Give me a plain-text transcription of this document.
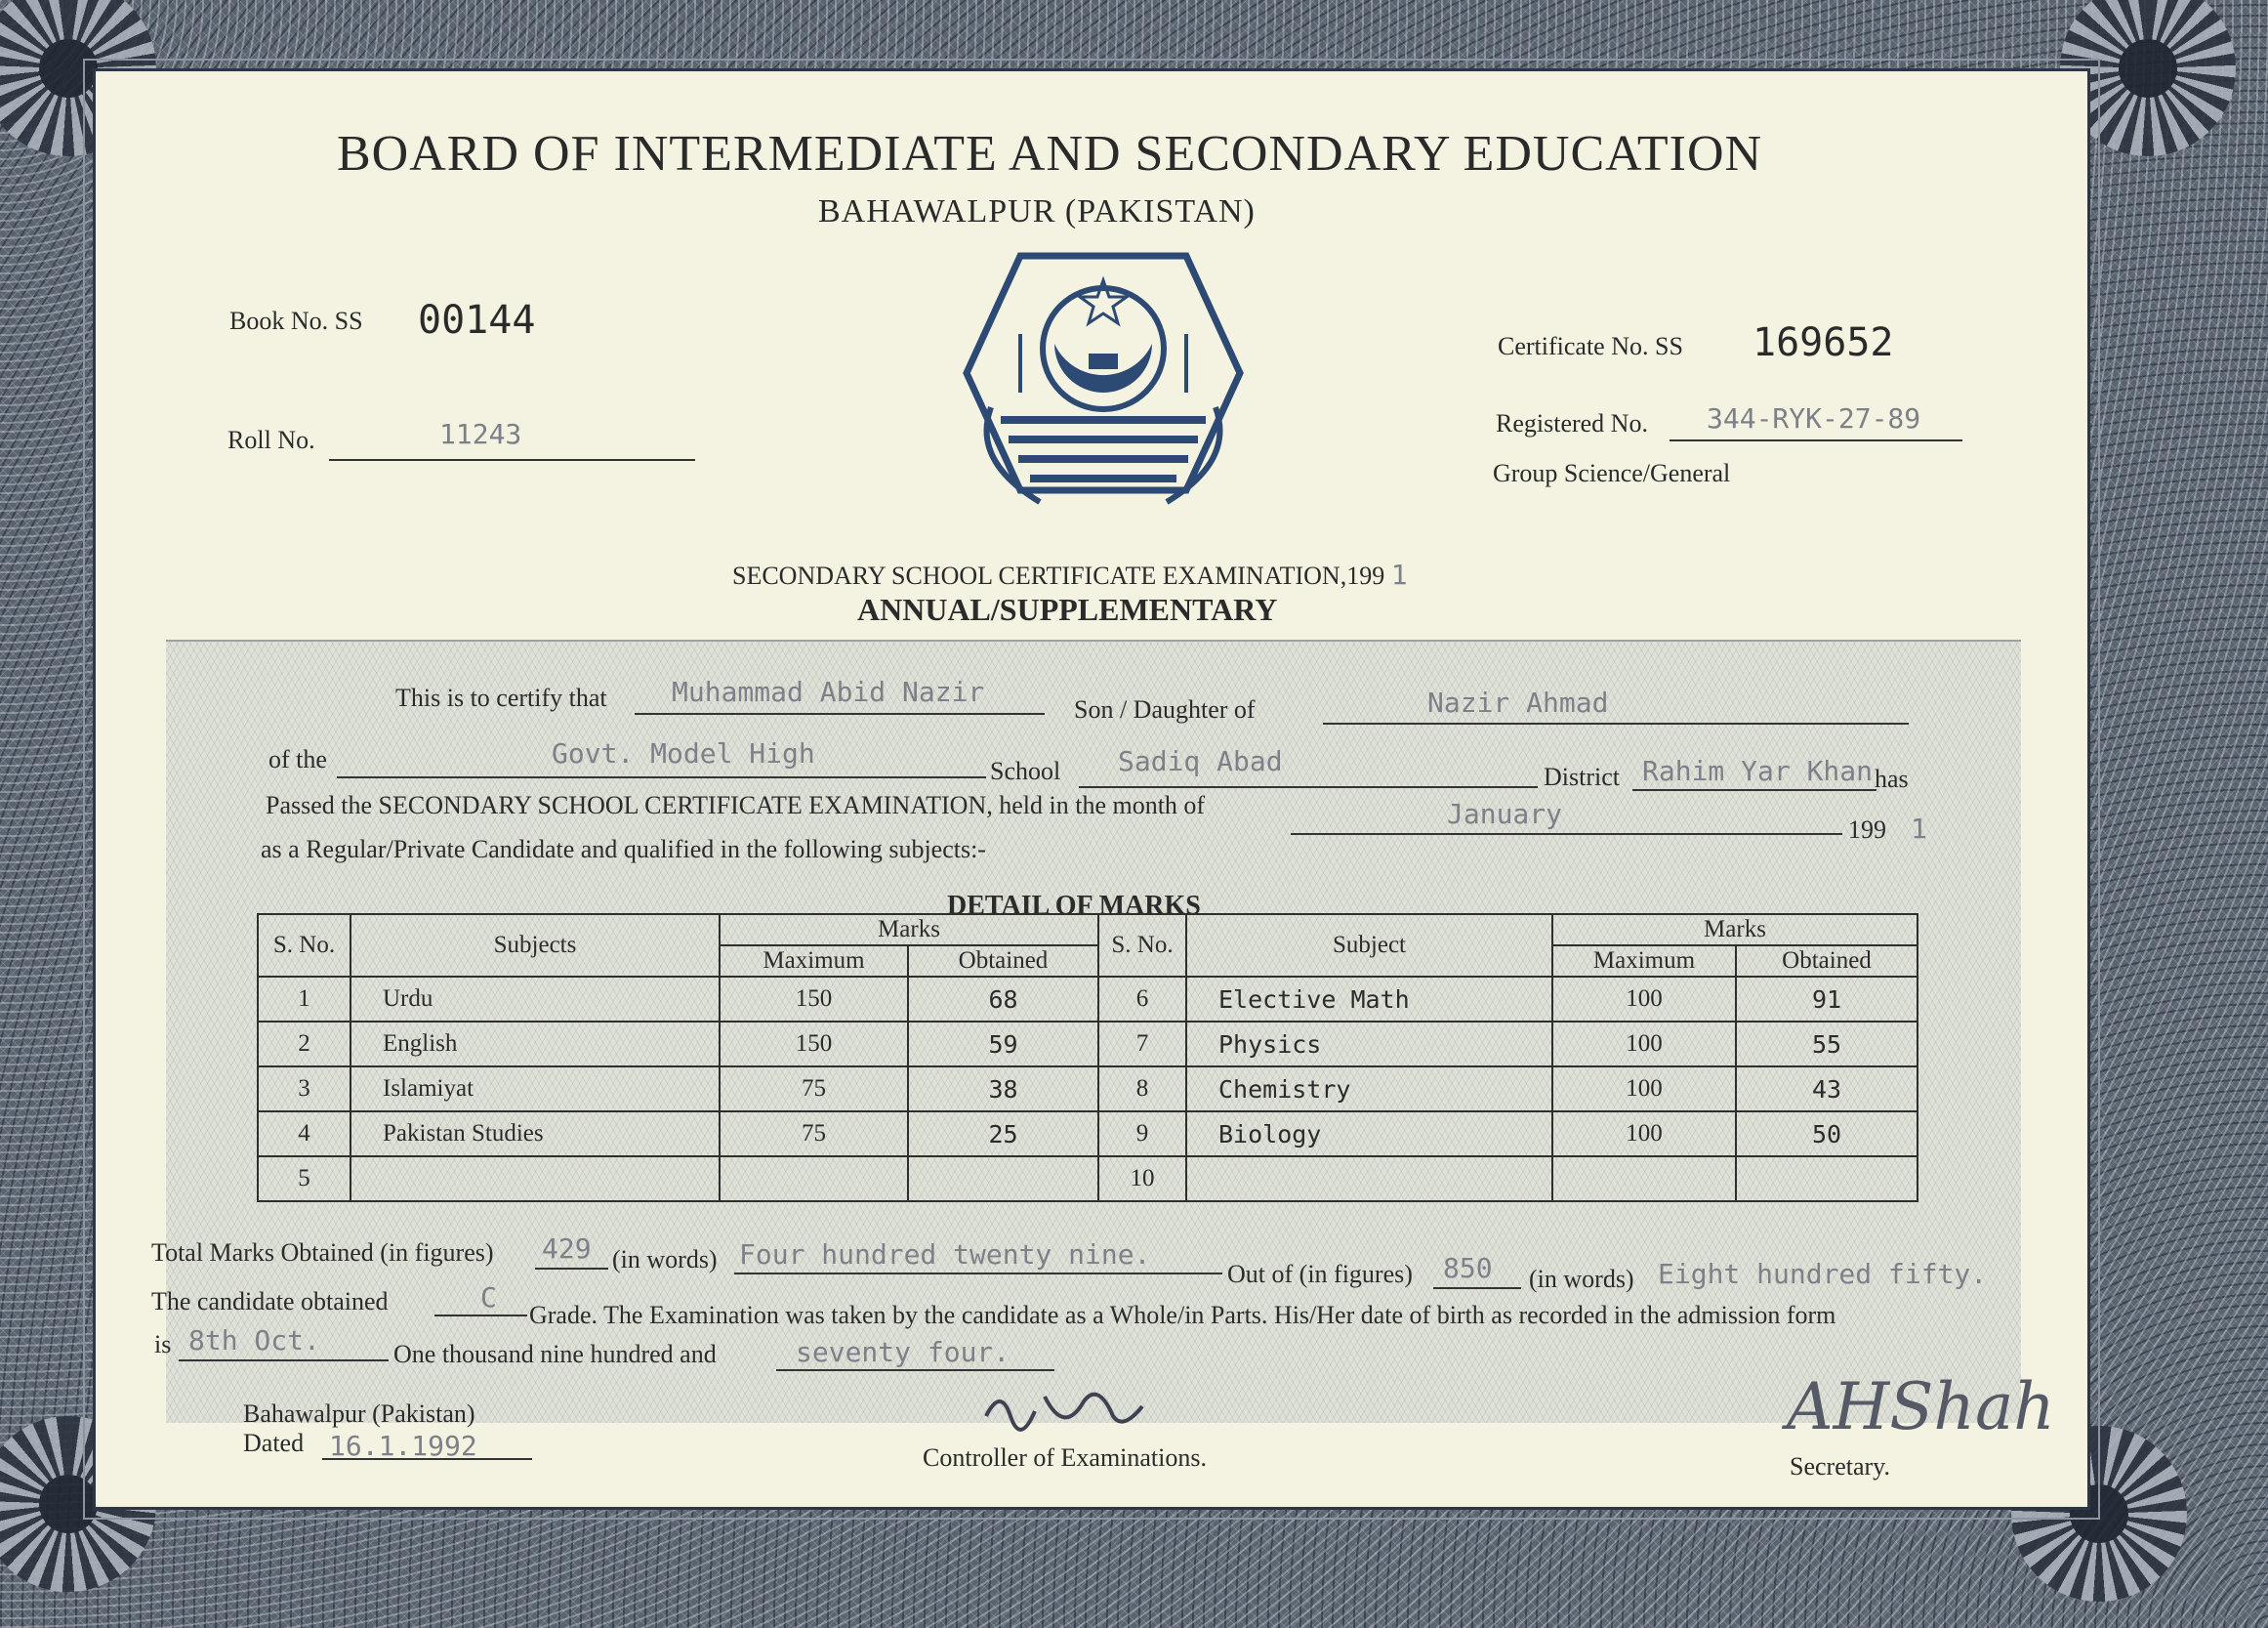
BOARD OF INTERMEDIATE AND SECONDARY EDUCATION
BAHAWALPUR (PAKISTAN)
Book No. SS 00144
Roll No.	11243
Certificate No. SS 169652
Registered No. 344-RYK-27-89
Group Science/General
SECONDARY SCHOOL CERTIFICATE EXAMINATION,199 1
ANNUAL/SUPPLEMENTARY
This is to certify that Muhammad Abid Nazir
Son / Daughter of	Nazir Ahmad
of the	Govt. Model High
School Sadiq Abad	District Rahim Yar Khan has
Passed the SECONDARY SCHOOL CERTIFICATE EXAMINATION, held in the month of	January	199 1
as a Regular/Private Candidate and qualified in the following subjects:-
DETAIL OF MARKS
S. No.	Subjects	Marks		S. No.	Subject	Marks	
		Maximum	Obtained			Maximum	Obtained
1	Urdu	150	68	6	Elective Math	100	91
2	English	150	59	7	Physics	100	55
3	Islamiyat	75	38	8	Chemistry	100	43
4	Pakistan Studies	75	25	9	Biology	100	50
5				10			
Total Marks Obtained (in figures) 429 (in words) Four hundred twenty nine.
Out of (in figures) 850 (in words) Eight hundred fifty.
The candidate obtained	C
Grade. The Examination was taken by the candidate as a Whole/in Parts. His/Her date of birth as recorded in the admission form
is 8th Oct.	One thousand nine hundred and	seventy four.
Bahawalpur (Pakistan)
Dated 16.1.1992	Controller of Examinations.
AHShah
Secretary.
